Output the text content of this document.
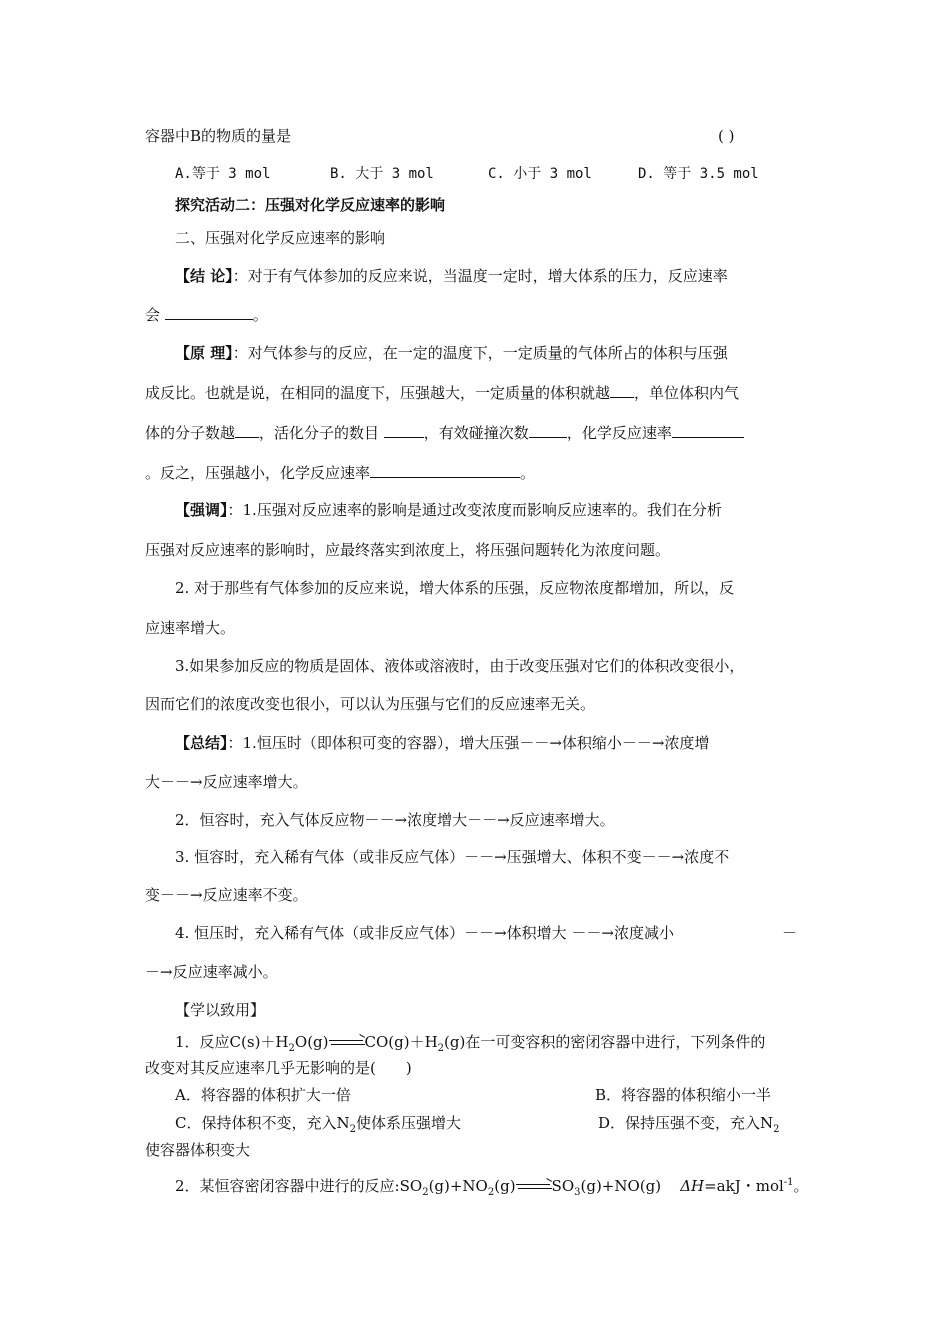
容器中B的物质的量是	( )
A.等于 3 mol	B. 大于 3 mol	C. 小于 3 mol	D. 等于 3.5 mol
探究活动二：压强对化学反应速率的影响
二、压强对化学反应速率的影响
【结 论】：对于有气体参加的反应来说，当温度一定时，增大体系的压力，反应速率
会	。
【原 理】：对气体参与的反应，在一定的温度下，一定质量的气体所占的体积与压强
成反比。也就是说，在相同的温度下，压强越大，一定质量的体积就越 ，单位体积内气
体的分子数越 ，活化分子的数目	，有效碰撞次数	，化学反应速率
。反之，压强越小，化学反应速率	。
【强调】：1.压强对反应速率的影响是通过改变浓度而影响反应速率的。我们在分析
压强对反应速率的影响时，应最终落实到浓度上，将压强问题转化为浓度问题。
2. 对于那些有气体参加的反应来说，增大体系的压强，反应物浓度都增加，所以，反
应速率增大。
3.如果参加反应的物质是固体、液体或溶液时，由于改变压强对它们的体积改变很小，
因而它们的浓度改变也很小，可以认为压强与它们的反应速率无关。
【总结】：1.恒压时（即体积可变的容器），增大压强－－→体积缩小－－→浓度增
大－－→反应速率增大。
2．恒容时，充入气体反应物－－→浓度增大－－→反应速率增大。
3. 恒容时，充入稀有气体（或非反应气体）－－→压强增大、体积不变－－→浓度不
变－－→反应速率不变。
4. 恒压时，充入稀有气体（或非反应气体）－－→体积增大 －－→浓度减小	－
－→反应速率减小。
【学以致用】
1．反应$C(s)+H_2O(g)\to CO(g)+H_2(g)$在一可变容积的密闭容器中进行，下列条件的
改变对其反应速率几乎无影响的是(　　)
A．将容器的体积扩大一倍	B．将容器的体积缩小一半
C．保持体积不变，充入$N_2$使体系压强增大	D．保持压强不变，充入$N_2$
使容器体积变大
2．某恒容密闭容器中进行的反应$:SO_2(g)+NO_2(g)\to SO_3(g)+NO(g)$ ΔH=akJ・mol$^{-1}$。
